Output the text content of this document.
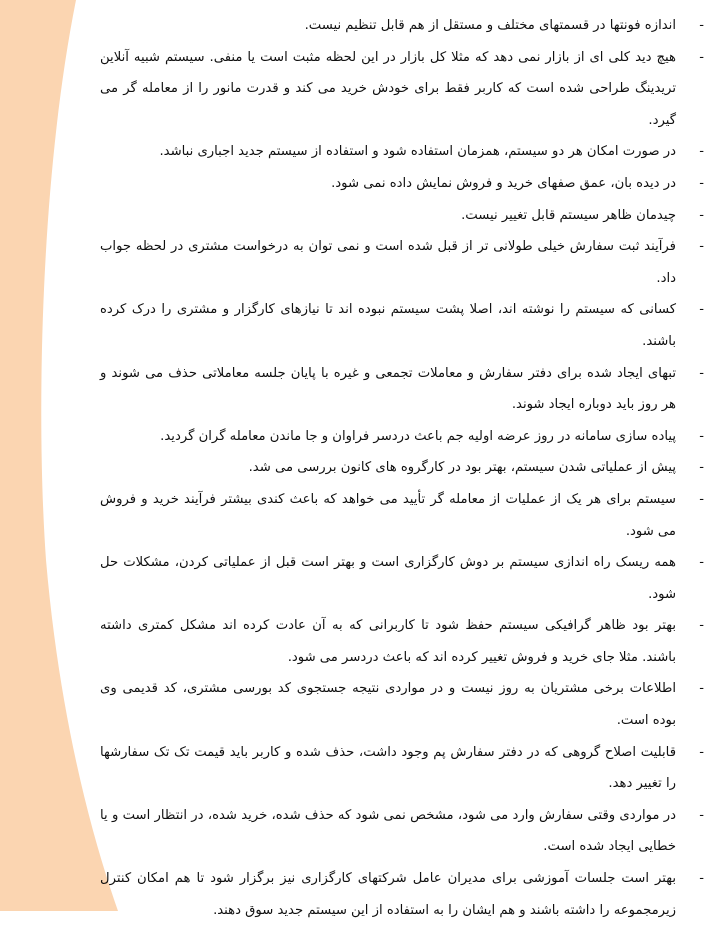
-
اندازه فونتها در قسمتهای مختلف و مستقل از هم قابل تنظیم نیست.
-
هیچ دید کلی ای از بازار نمی دهد که مثلا کل بازار در این لحظه مثبت است یا منفی. سیستم شبیه آنلاین تریدینگ طراحی شده است که کاربر فقط برای خودش خرید می کند و قدرت مانور را از معامله گر می گیرد.
-
در صورت امکان هر دو سیستم، همزمان استفاده شود و استفاده از سیستم جدید اجباری نباشد.
-
در دیده بان، عمق صفهای خرید و فروش نمایش داده نمی شود.
-
چیدمان ظاهر سیستم قابل تغییر نیست.
-
فرآیند ثبت سفارش خیلی طولانی تر از قبل شده است و نمی توان به درخواست مشتری در لحظه جواب داد.
-
کسانی که سیستم را نوشته اند، اصلا پشت سیستم نبوده اند تا نیازهای کارگزار و مشتری را درک کرده باشند.
-
تبهای ایجاد شده برای دفتر سفارش و معاملات تجمعی و غیره با پایان جلسه معاملاتی حذف می شوند و هر روز باید دوباره ایجاد شوند.
-
پیاده سازی سامانه در روز عرضه اولیه جم باعث دردسر فراوان و جا ماندن معامله گران گردید.
-
پیش از عملیاتی شدن سیستم، بهتر بود در کارگروه های کانون بررسی می شد.
-
سیستم برای هر یک از عملیات از معامله گر تأیید می خواهد که باعث کندی بیشتر فرآیند خرید و فروش می شود.
-
همه ریسک راه اندازی سیستم بر دوش کارگزاری است و بهتر است قبل از عملیاتی کردن، مشکلات حل شود.
-
بهتر بود ظاهر گرافیکی سیستم حفظ شود تا کاربرانی که به آن عادت کرده اند مشکل کمتری داشته باشند. مثلا جای خرید و فروش تغییر کرده اند که باعث دردسر می شود.
-
اطلاعات برخی مشتریان به روز نیست و در مواردی نتیجه جستجوی کد بورسی مشتری، کد قدیمی وی بوده است.
-
قابلیت اصلاح گروهی که در دفتر سفارش پم وجود داشت، حذف شده و کاربر باید قیمت تک تک سفارشها را تغییر دهد.
-
در مواردی وقتی سفارش وارد می شود، مشخص نمی شود که حذف شده، خرید شده، در انتظار است و یا خطایی ایجاد شده است.
-
بهتر است جلسات آموزشی برای مدیران عامل شرکتهای کارگزاری نیز برگزار شود تا هم امکان کنترل زیرمجموعه را داشته باشند و هم ایشان را به استفاده از این سیستم جدید سوق دهند.
